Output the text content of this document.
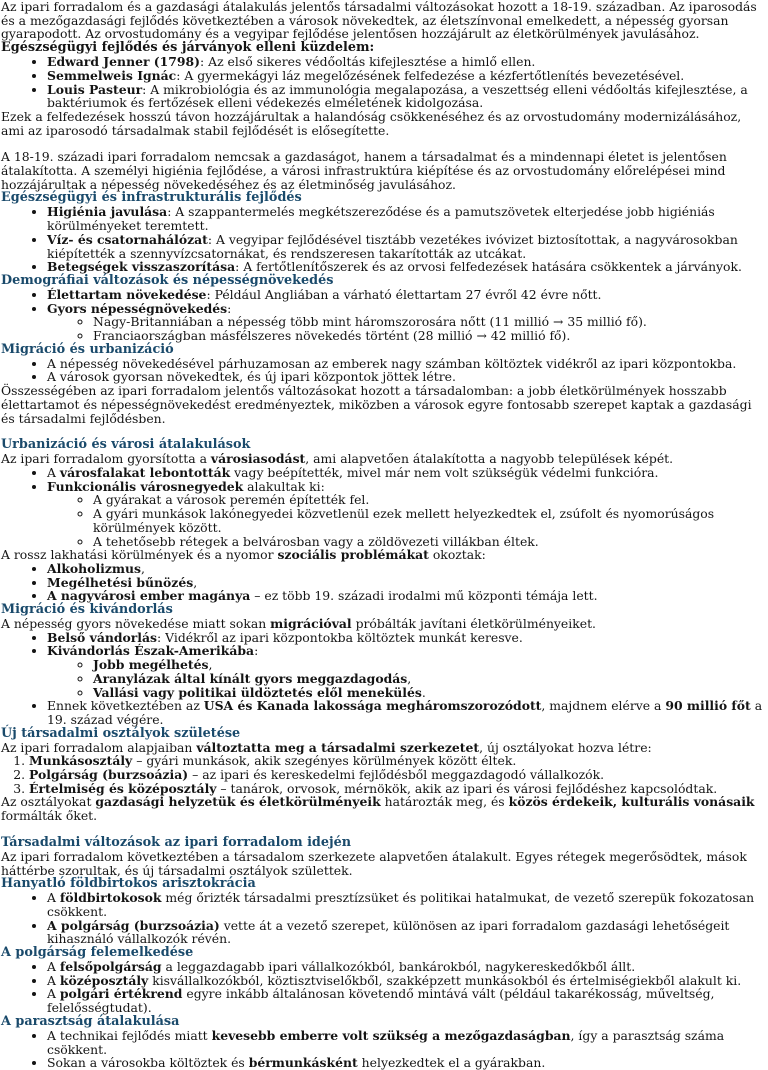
Az ipari forradalom és a gazdasági átalakulás jelentős társadalmi változásokat hozott a 18-19. században. Az iparosodás és a mezőgazdasági fejlődés következtében a városok növekedtek, az életszínvonal emelkedett, a népesség gyorsan gyarapodott. Az orvostudomány és a vegyipar fejlődése jelentősen hozzájárult az életkörülmények javulásához.

Egészségügyi fejlődés és járványok elleni küzdelem:
• Edward Jenner (1798): Az első sikeres védőoltás kifejlesztése a himlő ellen.
• Semmelweis Ignác: A gyermekágyi láz megelőzésének felfedezése a kézfertőtlenítés bevezetésével.
• Louis Pasteur: A mikrobiológia és az immunológia megalapozása, a veszettség elleni védőoltás kifejlesztése, a baktériumok és fertőzések elleni védekezés elméletének kidolgozása.

Ezek a felfedezések hosszú távon hozzájárultak a halandóság csökkenéséhez és az orvostudomány modernizálásához, ami az iparosodó társadalmak stabil fejlődését is elősegítette.

A 18-19. századi ipari forradalom nemcsak a gazdaságot, hanem a társadalmat és a mindennapi életet is jelentősen átalakította. A személyi higiénia fejlődése, a városi infrastruktúra kiépítése és az orvostudomány előrelépései mind hozzájárultak a népesség növekedéséhez és az életminőség javulásához.

Egészségügyi és infrastrukturális fejlődés
• Higiénia javulása: A szappantermelés megkétszereződése és a pamutszövetek elterjedése jobb higiéniás körülményeket teremtett.
• Víz- és csatornahálózat: A vegyipar fejlődésével tisztább vezetékes ivóvizet biztosítottak, a nagyvárosokban kiépítették a szennyvízcsatornákat, és rendszeresen takarították az utcákat.
• Betegségek visszaszorítása: A fertőtlenítőszerek és az orvosi felfedezések hatására csökkentek a járványok.
Demográfiai változások és népességnövekedés
• Élettartam növekedése: Például Angliában a várható élettartam 27 évről 42 évre nőtt.
• Gyors népességnövekedés:
◦ Nagy-Britanniában a népesség több mint háromszorosára nőtt (11 millió → 35 millió fő).
◦ Franciaországban másfélszeres növekedés történt (28 millió → 42 millió fő).
Migráció és urbanizáció
• A népesség növekedésével párhuzamosan az emberek nagy számban költöztek vidékről az ipari központokba.
• A városok gyorsan növekedtek, és új ipari központok jöttek létre.

Összességében az ipari forradalom jelentős változásokat hozott a társadalomban: a jobb életkörülmények hosszabb élettartamot és népességnövekedést eredményeztek, miközben a városok egyre fontosabb szerepet kaptak a gazdasági és társadalmi fejlődésben.

Urbanizáció és városi átalakulások

Az ipari forradalom gyorsította a városiasodást, ami alapvetően átalakította a nagyobb települések képét.

• A városfalakat lebontották vagy beépítették, mivel már nem volt szükségük védelmi funkcióra.
• Funkcionális városnegyedek alakultak ki:
◦ A gyárakat a városok peremén építették fel.
◦ A gyári munkások lakónegyedei közvetlenül ezek mellett helyezkedtek el, zsúfolt és nyomorúságos körülmények között.
◦ A tehetősebb rétegek a belvárosban vagy a zöldövezeti villákban éltek.

A rossz lakhatási körülmények és a nyomor szociális problémákat okoztak:

• Alkoholizmus,
• Megélhetési bűnözés,
• A nagyvárosi ember magánya – ez több 19. századi irodalmi mű központi témája lett.
Migráció és kivándorlás

A népesség gyors növekedése miatt sokan migrációval próbálták javítani életkörülményeiket.

• Belső vándorlás: Vidékről az ipari központokba költöztek munkát keresve.
• Kivándorlás Észak-Amerikába:
◦ Jobb megélhetés,
◦ Aranylázak által kínált gyors meggazdagodás,
◦ Vallási vagy politikai üldöztetés elől menekülés.
• Ennek következtében az USA és Kanada lakossága megháromszorozódott, majdnem elérve a 90 millió főt a 19. század végére.
Új társadalmi osztályok születése

Az ipari forradalom alapjaiban változtatta meg a társadalmi szerkezetet, új osztályokat hozva létre:

1. Munkásosztály – gyári munkások, akik szegényes körülmények között éltek.
2. Polgárság (burzsoázia) – az ipari és kereskedelmi fejlődésből meggazdagodó vállalkozók.
3. Értelmiség és középosztály – tanárok, orvosok, mérnökök, akik az ipari és városi fejlődéshez kapcsolódtak.

Az osztályokat gazdasági helyzetük és életkörülményeik határozták meg, és közös érdekeik, kulturális vonásaik formálták őket.

Társadalmi változások az ipari forradalom idején

Az ipari forradalom következtében a társadalom szerkezete alapvetően átalakult. Egyes rétegek megerősödtek, mások háttérbe szorultak, és új társadalmi osztályok születtek.

Hanyatló földbirtokos arisztokrácia
• A földbirtokosok még őrizték társadalmi presztízsüket és politikai hatalmukat, de vezető szerepük fokozatosan csökkent.
• A polgárság (burzsoázia) vette át a vezető szerepet, különösen az ipari forradalom gazdasági lehetőségeit kihasználó vállalkozók révén.
A polgárság felemelkedése
• A felsőpolgárság a leggazdagabb ipari vállalkozókból, bankárokból, nagykereskedőkből állt.
• A középosztály kisvállalkozókból, köztisztviselőkből, szakképzett munkásokból és értelmiségiekből alakult ki.
• A polgári értékrend egyre inkább általánosan követendő mintává vált (például takarékosság, műveltség, felelősségtudat).
A parasztság átalakulása
• A technikai fejlődés miatt kevesebb emberre volt szükség a mezőgazdaságban, így a parasztság száma csökkent.
• Sokan a városokba költöztek és bérmunkásként helyezkedtek el a gyárakban.
